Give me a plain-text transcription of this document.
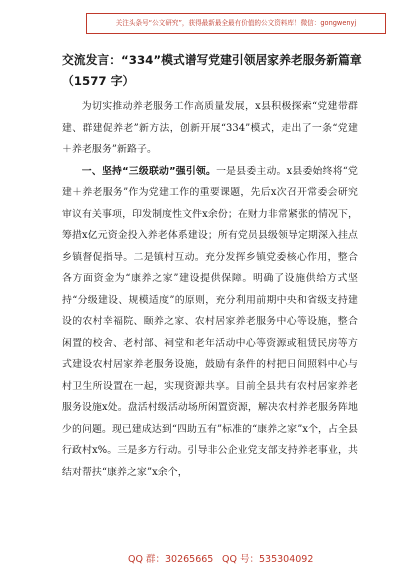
关注头条号“公文研究”，获得最新最全最有价值的公文资料库！微信：gongwenyj

交流发言：“334”模式谱写党建引领居家养老服务新篇章

（1577 字）

为切实推动养老服务工作高质量发展，x县积极探索“党建带群建、群建促养老”新方法，创新开展“334”模式，走出了一条“党建＋养老服务”新路子。

一、坚持“三级联动”强引领。一是县委主动。x县委始终将“党建＋养老服务”作为党建工作的重要课题，先后x次召开常委会研究审议有关事项，印发制度性文件x余份；在财力非常紧张的情况下，筹措x亿元资金投入养老体系建设；所有党员县级领导定期深入挂点乡镇督促指导。二是镇村互动。充分发挥乡镇党委核心作用，整合各方面资金为“康养之家”建设提供保障。明确了设施供给方式坚持“分级建设、规模适度”的原则，充分利用前期中央和省级支持建设的农村幸福院、颐养之家、农村居家养老服务中心等设施，整合闲置的校舍、老村部、祠堂和老年活动中心等资源或租赁民房等方式建设农村居家养老服务设施，鼓励有条件的村把日间照料中心与村卫生所设置在一起，实现资源共享。目前全县共有农村居家养老服务设施x处。盘活村级活动场所闲置资源，解决农村养老服务阵地少的问题。现已建成达到“四助五有”标准的“康养之家”x个，占全县行政村x%。三是多方行动。引导非公企业党支部支持养老事业，共结对帮扶“康养之家”x余个，

QQ 群：30265665 QQ 号：535304092
